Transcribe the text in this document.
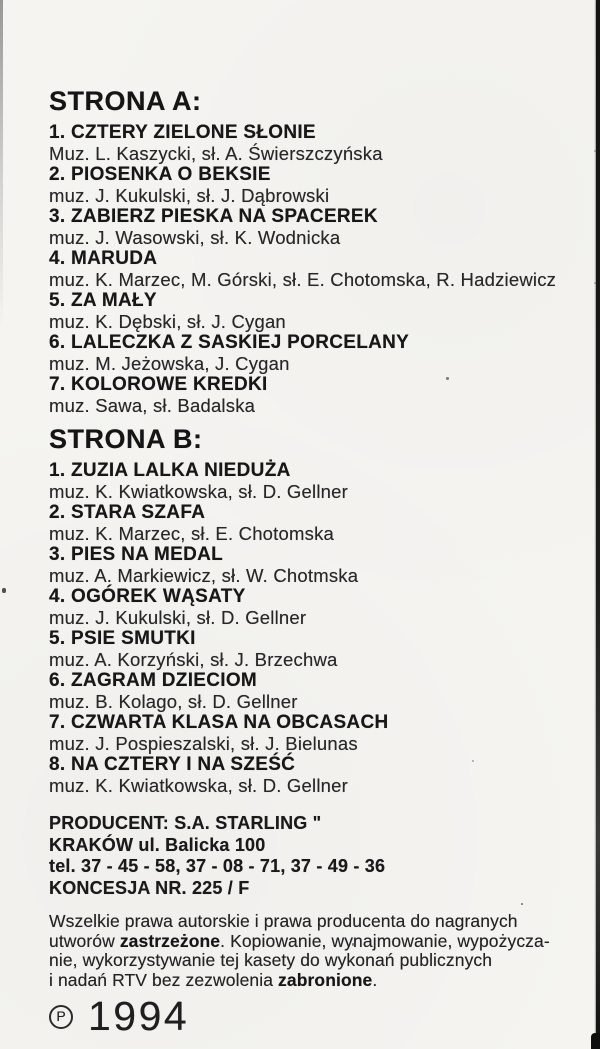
STRONA A:
1. CZTERY ZIELONE SŁONIE
Muz. L. Kaszycki, sł. A. Świerszczyńska
2. PIOSENKA O BEKSIE
muz. J. Kukulski, sł. J. Dąbrowski
3. ZABIERZ PIESKA NA SPACEREK
muz. J. Wasowski, sł. K. Wodnicka
4. MARUDA
muz. K. Marzec, M. Górski, sł. E. Chotomska, R. Hadziewicz
5. ZA MAŁY
muz. K. Dębski, sł. J. Cygan
6. LALECZKA Z SASKIEJ PORCELANY
muz. M. Jeżowska, J. Cygan
7. KOLOROWE KREDKI
muz. Sawa, sł. Badalska
STRONA B:
1. ZUZIA LALKA NIEDUŻA
muz. K. Kwiatkowska, sł. D. Gellner
2. STARA SZAFA
muz. K. Marzec, sł. E. Chotomska
3. PIES NA MEDAL
muz. A. Markiewicz, sł. W. Chotmska
4. OGÓREK WĄSATY
muz. J. Kukulski, sł. D. Gellner
5. PSIE SMUTKI
muz. A. Korzyński, sł. J. Brzechwa
6. ZAGRAM DZIECIOM
muz. B. Kolago, sł. D. Gellner
7. CZWARTA KLASA NA OBCASACH
muz. J. Pospieszalski, sł. J. Bielunas
8. NA CZTERY I NA SZEŚĆ
muz. K. Kwiatkowska, sł. D. Gellner
PRODUCENT: S.A. STARLING "
KRAKÓW ul. Balicka 100
tel. 37 - 45 - 58, 37 - 08 - 71, 37 - 49 - 36
KONCESJA NR. 225 / F
Wszelkie prawa autorskie i prawa producenta do nagranych
utworów zastrzeżone. Kopiowanie, wynajmowanie, wypożycza-
nie, wykorzystywanie tej kasety do wykonań publicznych
i nadań RTV bez zezwolenia zabronione.
P 1994
